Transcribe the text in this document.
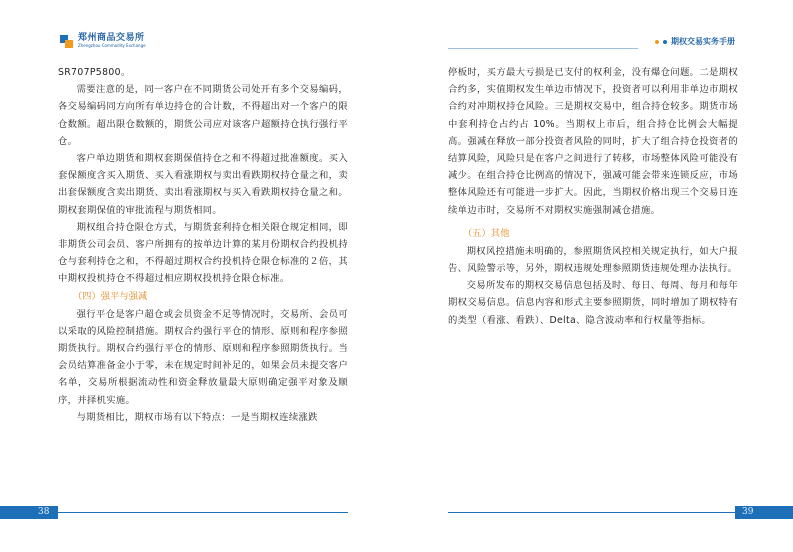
郑州商品交易所
Zhengzhou Commodity Exchange	期权交易实务手册

SR707P5800。

需要注意的是，同一客户在不同期货公司处开有多个交易编码，各交易编码同方向所有单边持仓的合计数，不得超出对一个客户的限仓数额。超出限仓数额的，期货公司应对该客户超额持仓执行强行平仓。

客户单边期货和期权套期保值持仓之和不得超过批准额度。买入套保额度含买入期货、买入看涨期权与卖出看跌期权持仓量之和，卖出套保额度含卖出期货、卖出看涨期权与买入看跌期权持仓量之和。期权套期保值的审批流程与期货相同。

期权组合持仓限仓方式，与期货套利持仓相关限仓规定相同，即非期货公司会员、客户所拥有的按单边计算的某月份期权合约投机持仓与套利持仓之和，不得超过期权合约投机持仓限仓标准的２倍，其中期权投机持仓不得超过相应期权投机持仓限仓标准。

（四）强平与强减

强行平仓是客户超仓或会员资金不足等情况时，交易所、会员可以采取的风险控制措施。期权合约强行平仓的情形、原则和程序参照期货执行。期权合约强行平仓的情形、原则和程序参照期货执行。当会员结算准备金小于零，未在规定时间补足的，如果会员未提交客户名单，交易所根据流动性和资金释放量最大原则确定强平对象及顺序，并择机实施。

与期货相比，期权市场有以下特点：一是当期权连续涨跌

停板时，买方最大亏损是已支付的权利金，没有爆仓问题。二是期权合约多，实值期权发生单边市情况下，投资者可以利用非单边市期权合约对冲期权持仓风险。三是期权交易中，组合持仓较多。期货市场中套利持仓占约占 10%。当期权上市后，组合持仓比例会大幅提高。强减在释放一部分投资者风险的同时，扩大了组合持仓投资者的结算风险，风险只是在客户之间进行了转移，市场整体风险可能没有减少。在组合持仓比例高的情况下，强减可能会带来连锁反应，市场整体风险还有可能进一步扩大。因此，当期权价格出现三个交易日连续单边市时，交易所不对期权实施强制减仓措施。

（五）其他

期权风控措施未明确的，参照期货风控相关规定执行，如大户报告、风险警示等，另外，期权违规处理参照期货违规处理办法执行。

交易所发布的期权交易信息包括及时、每日、每周、每月和每年期权交易信息。信息内容和形式主要参照期货，同时增加了期权特有的类型（看涨、看跌）、Delta、隐含波动率和行权量等指标。

38	39
